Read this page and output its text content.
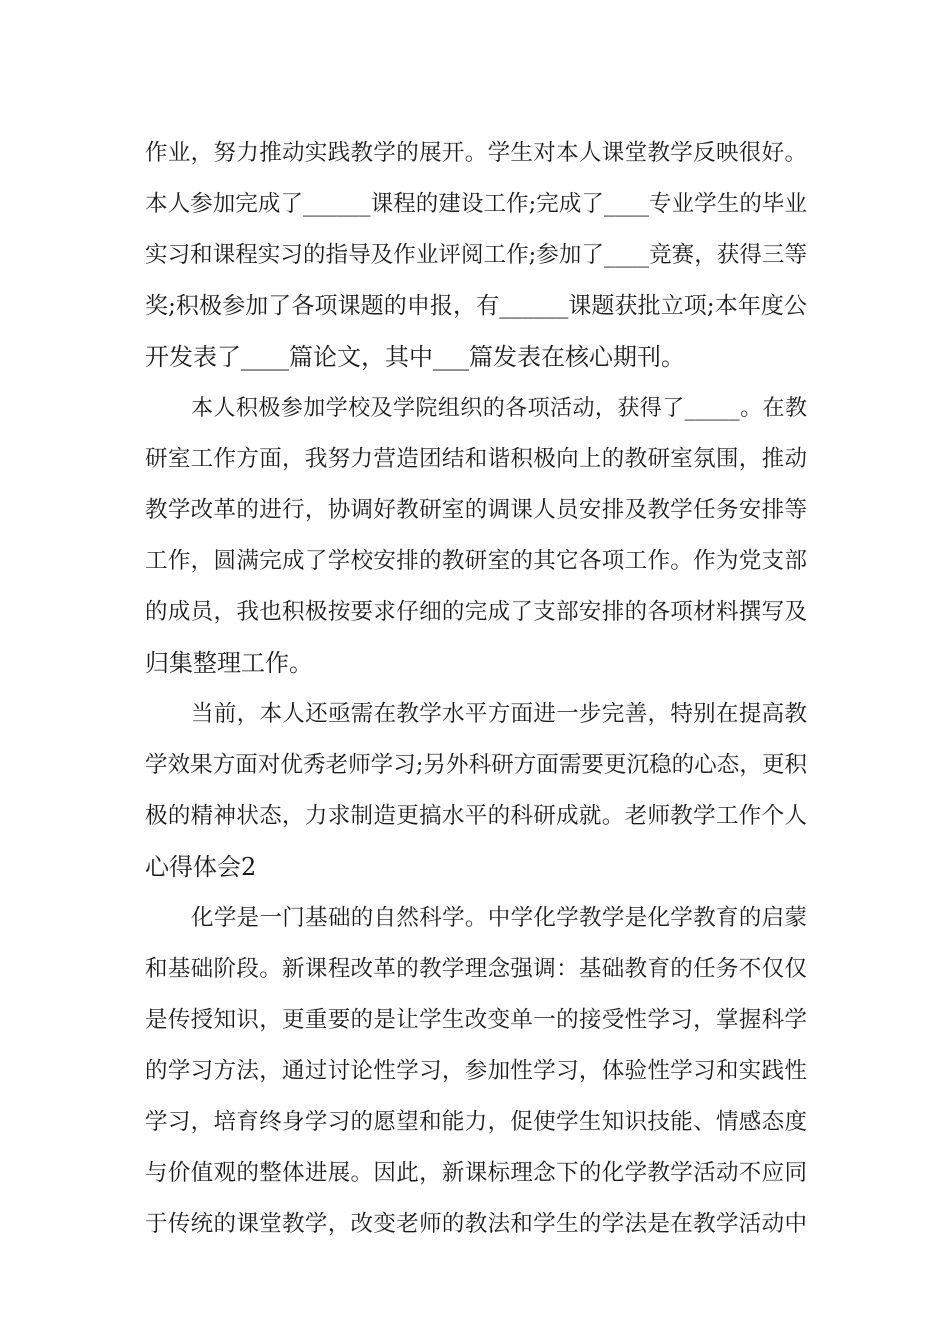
作业，努力推动实践教学的展开。学生对本人课堂教学反映很好。
本人参加完成了______课程的建设工作;完成了____专业学生的毕业
实习和课程实习的指导及作业评阅工作;参加了____竞赛，获得三等
奖;积极参加了各项课题的申报，有______课题获批立项;本年度公
开发表了____篇论文，其中___篇发表在核心期刊。
本人积极参加学校及学院组织的各项活动，获得了_____。在教
研室工作方面，我努力营造团结和谐积极向上的教研室氛围，推动
教学改革的进行，协调好教研室的调课人员安排及教学任务安排等
工作，圆满完成了学校安排的教研室的其它各项工作。作为党支部
的成员，我也积极按要求仔细的完成了支部安排的各项材料撰写及
归集整理工作。
当前，本人还亟需在教学水平方面进一步完善，特别在提高教
学效果方面对优秀老师学习;另外科研方面需要更沉稳的心态，更积
极的精神状态，力求制造更搞水平的科研成就。老师教学工作个人
心得体会2
化学是一门基础的自然科学。中学化学教学是化学教育的启蒙
和基础阶段。新课程改革的教学理念强调：基础教育的任务不仅仅
是传授知识，更重要的是让学生改变单一的接受性学习，掌握科学
的学习方法，通过讨论性学习，参加性学习，体验性学习和实践性
学习，培育终身学习的愿望和能力，促使学生知识技能、情感态度
与价值观的整体进展。因此，新课标理念下的化学教学活动不应同
于传统的课堂教学，改变老师的教法和学生的学法是在教学活动中
